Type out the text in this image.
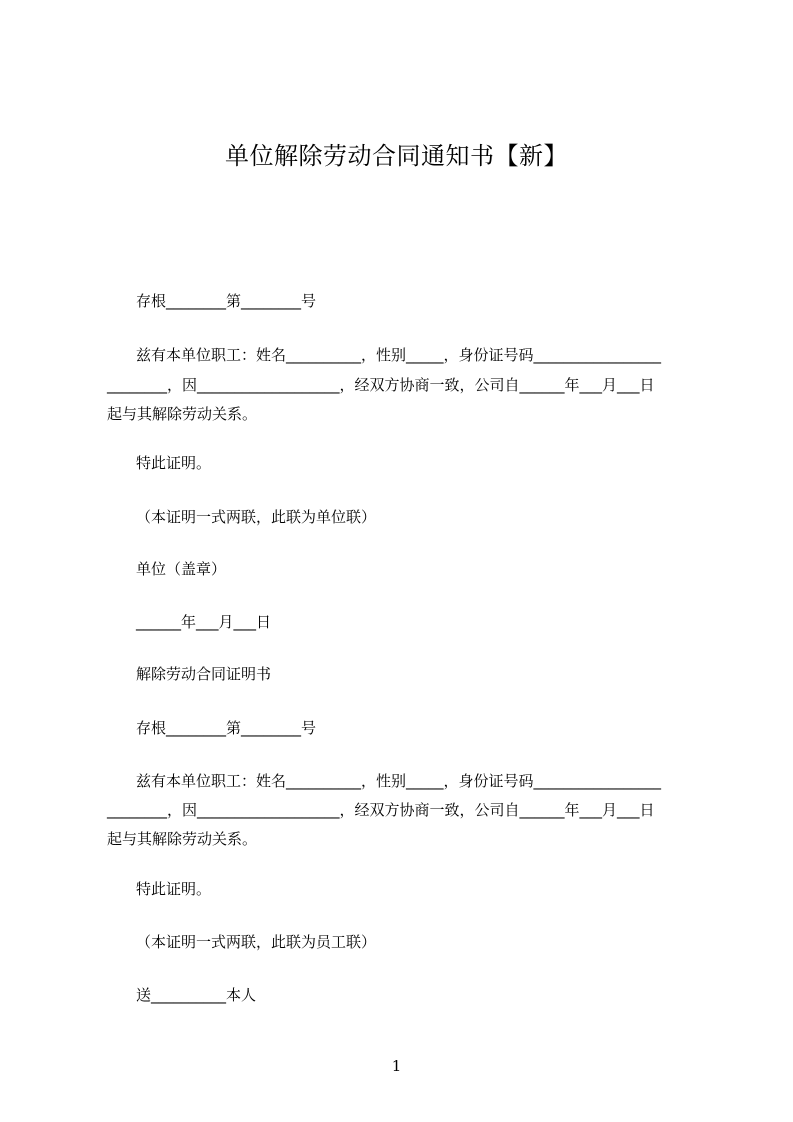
单位解除劳动合同通知书【新】
存根________第________号
兹有本单位职工：姓名__________，性别_____，身份证号码_________________
________，因___________________，经双方协商一致，公司自______年___月___日
起与其解除劳动关系。
特此证明。
（本证明一式两联，此联为单位联）
单位（盖章）
______年___月___日
解除劳动合同证明书
存根________第________号
兹有本单位职工：姓名__________，性别_____，身份证号码_________________
________，因___________________，经双方协商一致，公司自______年___月___日
起与其解除劳动关系。
特此证明。
（本证明一式两联，此联为员工联）
送__________本人
1
